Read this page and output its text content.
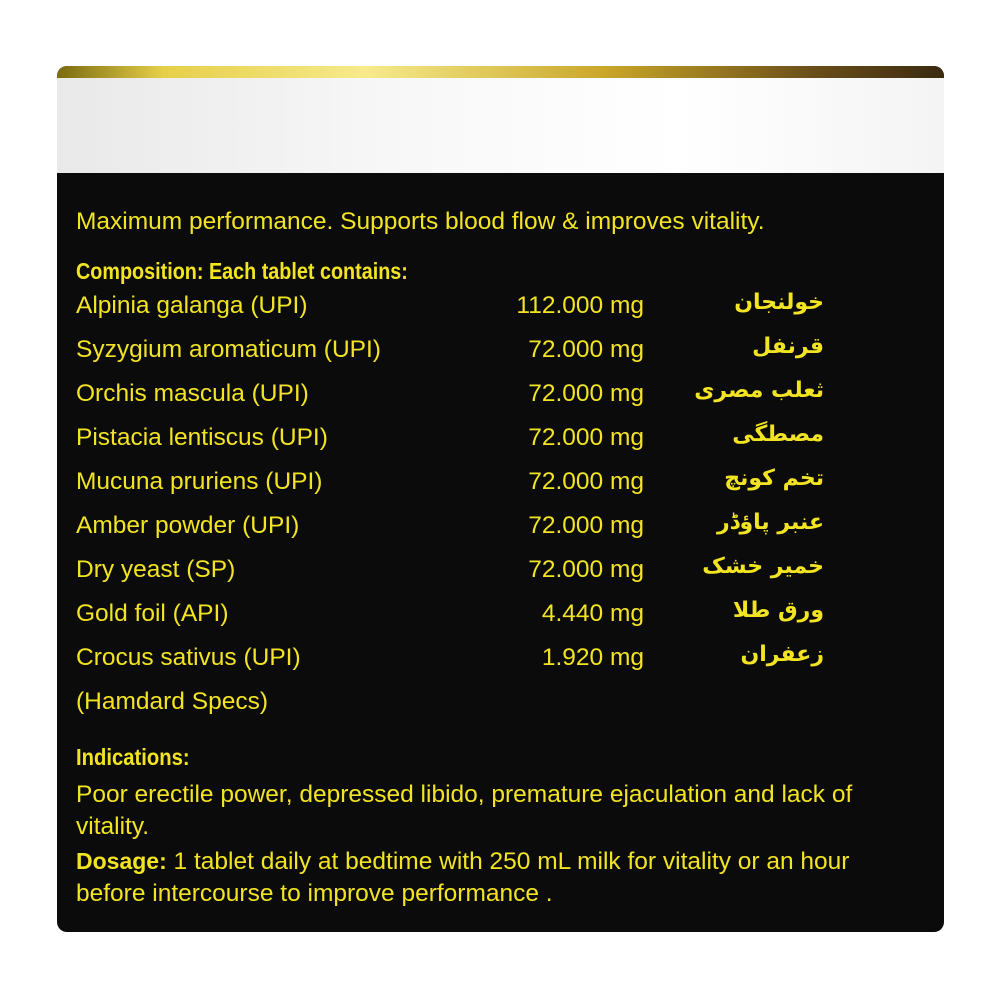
Maximum performance. Supports blood flow & improves vitality.
Composition: Each tablet contains:
Alpinia galanga (UPI)	112.000 mg	خولنجان
Syzygium aromaticum (UPI)	72.000 mg	قرنفل
Orchis mascula (UPI)	72.000 mg ثعلب مصری
Pistacia lentiscus (UPI)	72.000 mg	مصطگی
Mucuna pruriens (UPI)	72.000 mg	تخم کونچ
Amber powder (UPI)	72.000 mg	عنبر پاؤڈر
Dry yeast (SP)	72.000 mg	خمیر خشک
Gold foil (API)	4.440 mg	ورق طلا
Crocus sativus (UPI)	1.920 mg	زعفران
(Hamdard Specs)
Indications:
Poor erectile power, depressed libido, premature ejaculation and lack of vitality.
Dosage: 1 tablet daily at bedtime with 250 mL milk for vitality or an hour before intercourse to improve performance .
